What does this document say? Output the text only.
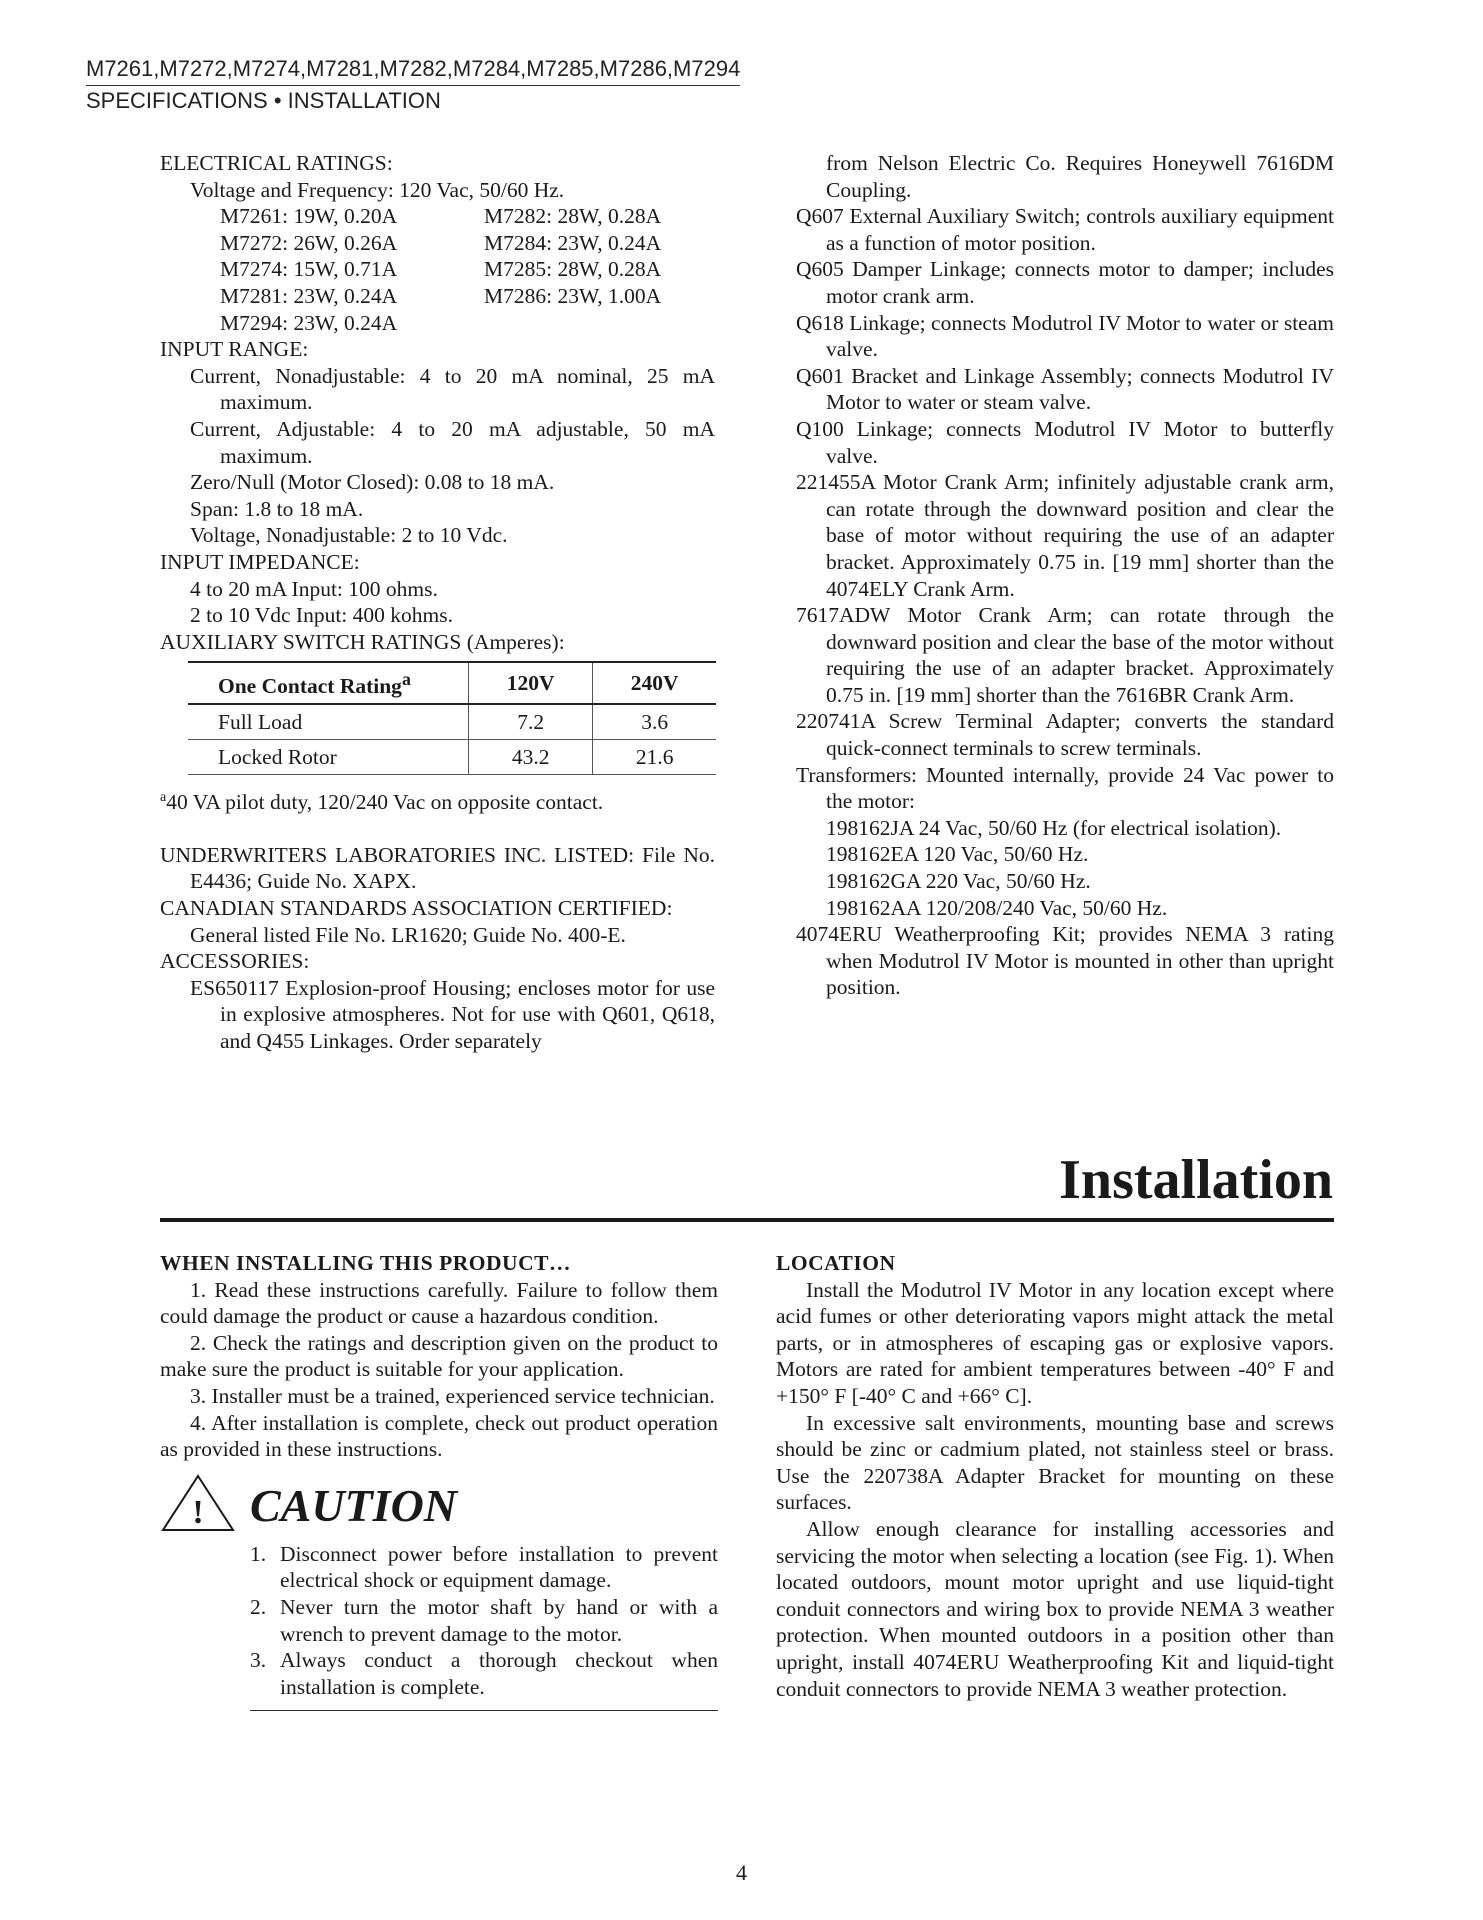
M7261,M7272,M7274,M7281,M7282,M7284,M7285,M7286,M7294
SPECIFICATIONS • INSTALLATION
ELECTRICAL RATINGS:
Voltage and Frequency: 120 Vac, 50/60 Hz.
M7261: 19W, 0.20A	M7282: 28W, 0.28A
M7272: 26W, 0.26A	M7284: 23W, 0.24A
M7274: 15W, 0.71A	M7285: 28W, 0.28A
M7281: 23W, 0.24A	M7286: 23W, 1.00A
M7294: 23W, 0.24A
INPUT RANGE:
Current, Nonadjustable: 4 to 20 mA nominal, 25 mA maximum.
Current, Adjustable: 4 to 20 mA adjustable, 50 mA maximum.
Zero/Null (Motor Closed): 0.08 to 18 mA.
Span: 1.8 to 18 mA.
Voltage, Nonadjustable: 2 to 10 Vdc.
INPUT IMPEDANCE:
4 to 20 mA Input: 100 ohms.
2 to 10 Vdc Input: 400 kohms.
AUXILIARY SWITCH RATINGS (Amperes):
One Contact Rating$^a$	120V	240V
Full Load	7.2	3.6
Locked Rotor	43.2	21.6
$^a$40 VA pilot duty, 120/240 Vac on opposite contact.
UNDERWRITERS LABORATORIES INC. LISTED: File No. E4436; Guide No. XAPX.
CANADIAN STANDARDS ASSOCIATION CERTIFIED:
General listed File No. LR1620; Guide No. 400-E.
ACCESSORIES:
ES650117 Explosion-proof Housing; encloses motor for use in explosive atmospheres. Not for use with Q601, Q618, and Q455 Linkages. Order separately
from Nelson Electric Co. Requires Honeywell 7616DM Coupling.
Q607 External Auxiliary Switch; controls auxiliary equipment as a function of motor position.
Q605 Damper Linkage; connects motor to damper; includes motor crank arm.
Q618 Linkage; connects Modutrol IV Motor to water or steam valve.
Q601 Bracket and Linkage Assembly; connects Modutrol IV Motor to water or steam valve.
Q100 Linkage; connects Modutrol IV Motor to butterfly valve.
221455A Motor Crank Arm; infinitely adjustable crank arm, can rotate through the downward position and clear the base of motor without requiring the use of an adapter bracket. Approximately 0.75 in. [19 mm] shorter than the 4074ELY Crank Arm.
7617ADW Motor Crank Arm; can rotate through the downward position and clear the base of the motor without requiring the use of an adapter bracket. Approximately 0.75 in. [19 mm] shorter than the 7616BR Crank Arm.
220741A Screw Terminal Adapter; converts the standard quick-connect terminals to screw terminals.
Transformers: Mounted internally, provide 24 Vac power to the motor:
198162JA 24 Vac, 50/60 Hz (for electrical isolation).
198162EA 120 Vac, 50/60 Hz.
198162GA 220 Vac, 50/60 Hz.
198162AA 120/208/240 Vac, 50/60 Hz.
4074ERU Weatherproofing Kit; provides NEMA 3 rating when Modutrol IV Motor is mounted in other than upright position.
Installation
WHEN INSTALLING THIS PRODUCT…
1. Read these instructions carefully. Failure to follow them could damage the product or cause a hazardous condition.
2. Check the ratings and description given on the product to make sure the product is suitable for your application.
3. Installer must be a trained, experienced service technician.
4. After installation is complete, check out product operation as provided in these instructions.
! CAUTION
1. Disconnect power before installation to prevent electrical shock or equipment damage.
2. Never turn the motor shaft by hand or with a wrench to prevent damage to the motor.
3. Always conduct a thorough checkout when installation is complete.
LOCATION
Install the Modutrol IV Motor in any location except where acid fumes or other deteriorating vapors might attack the metal parts, or in atmospheres of escaping gas or explosive vapors. Motors are rated for ambient temperatures between -40° F and +150° F [-40° C and +66° C].
In excessive salt environments, mounting base and screws should be zinc or cadmium plated, not stainless steel or brass. Use the 220738A Adapter Bracket for mounting on these surfaces.
Allow enough clearance for installing accessories and servicing the motor when selecting a location (see Fig. 1). When located outdoors, mount motor upright and use liquid-tight conduit connectors and wiring box to provide NEMA 3 weather protection. When mounted outdoors in a position other than upright, install 4074ERU Weatherproofing Kit and liquid-tight conduit connectors to provide NEMA 3 weather protection.
4
